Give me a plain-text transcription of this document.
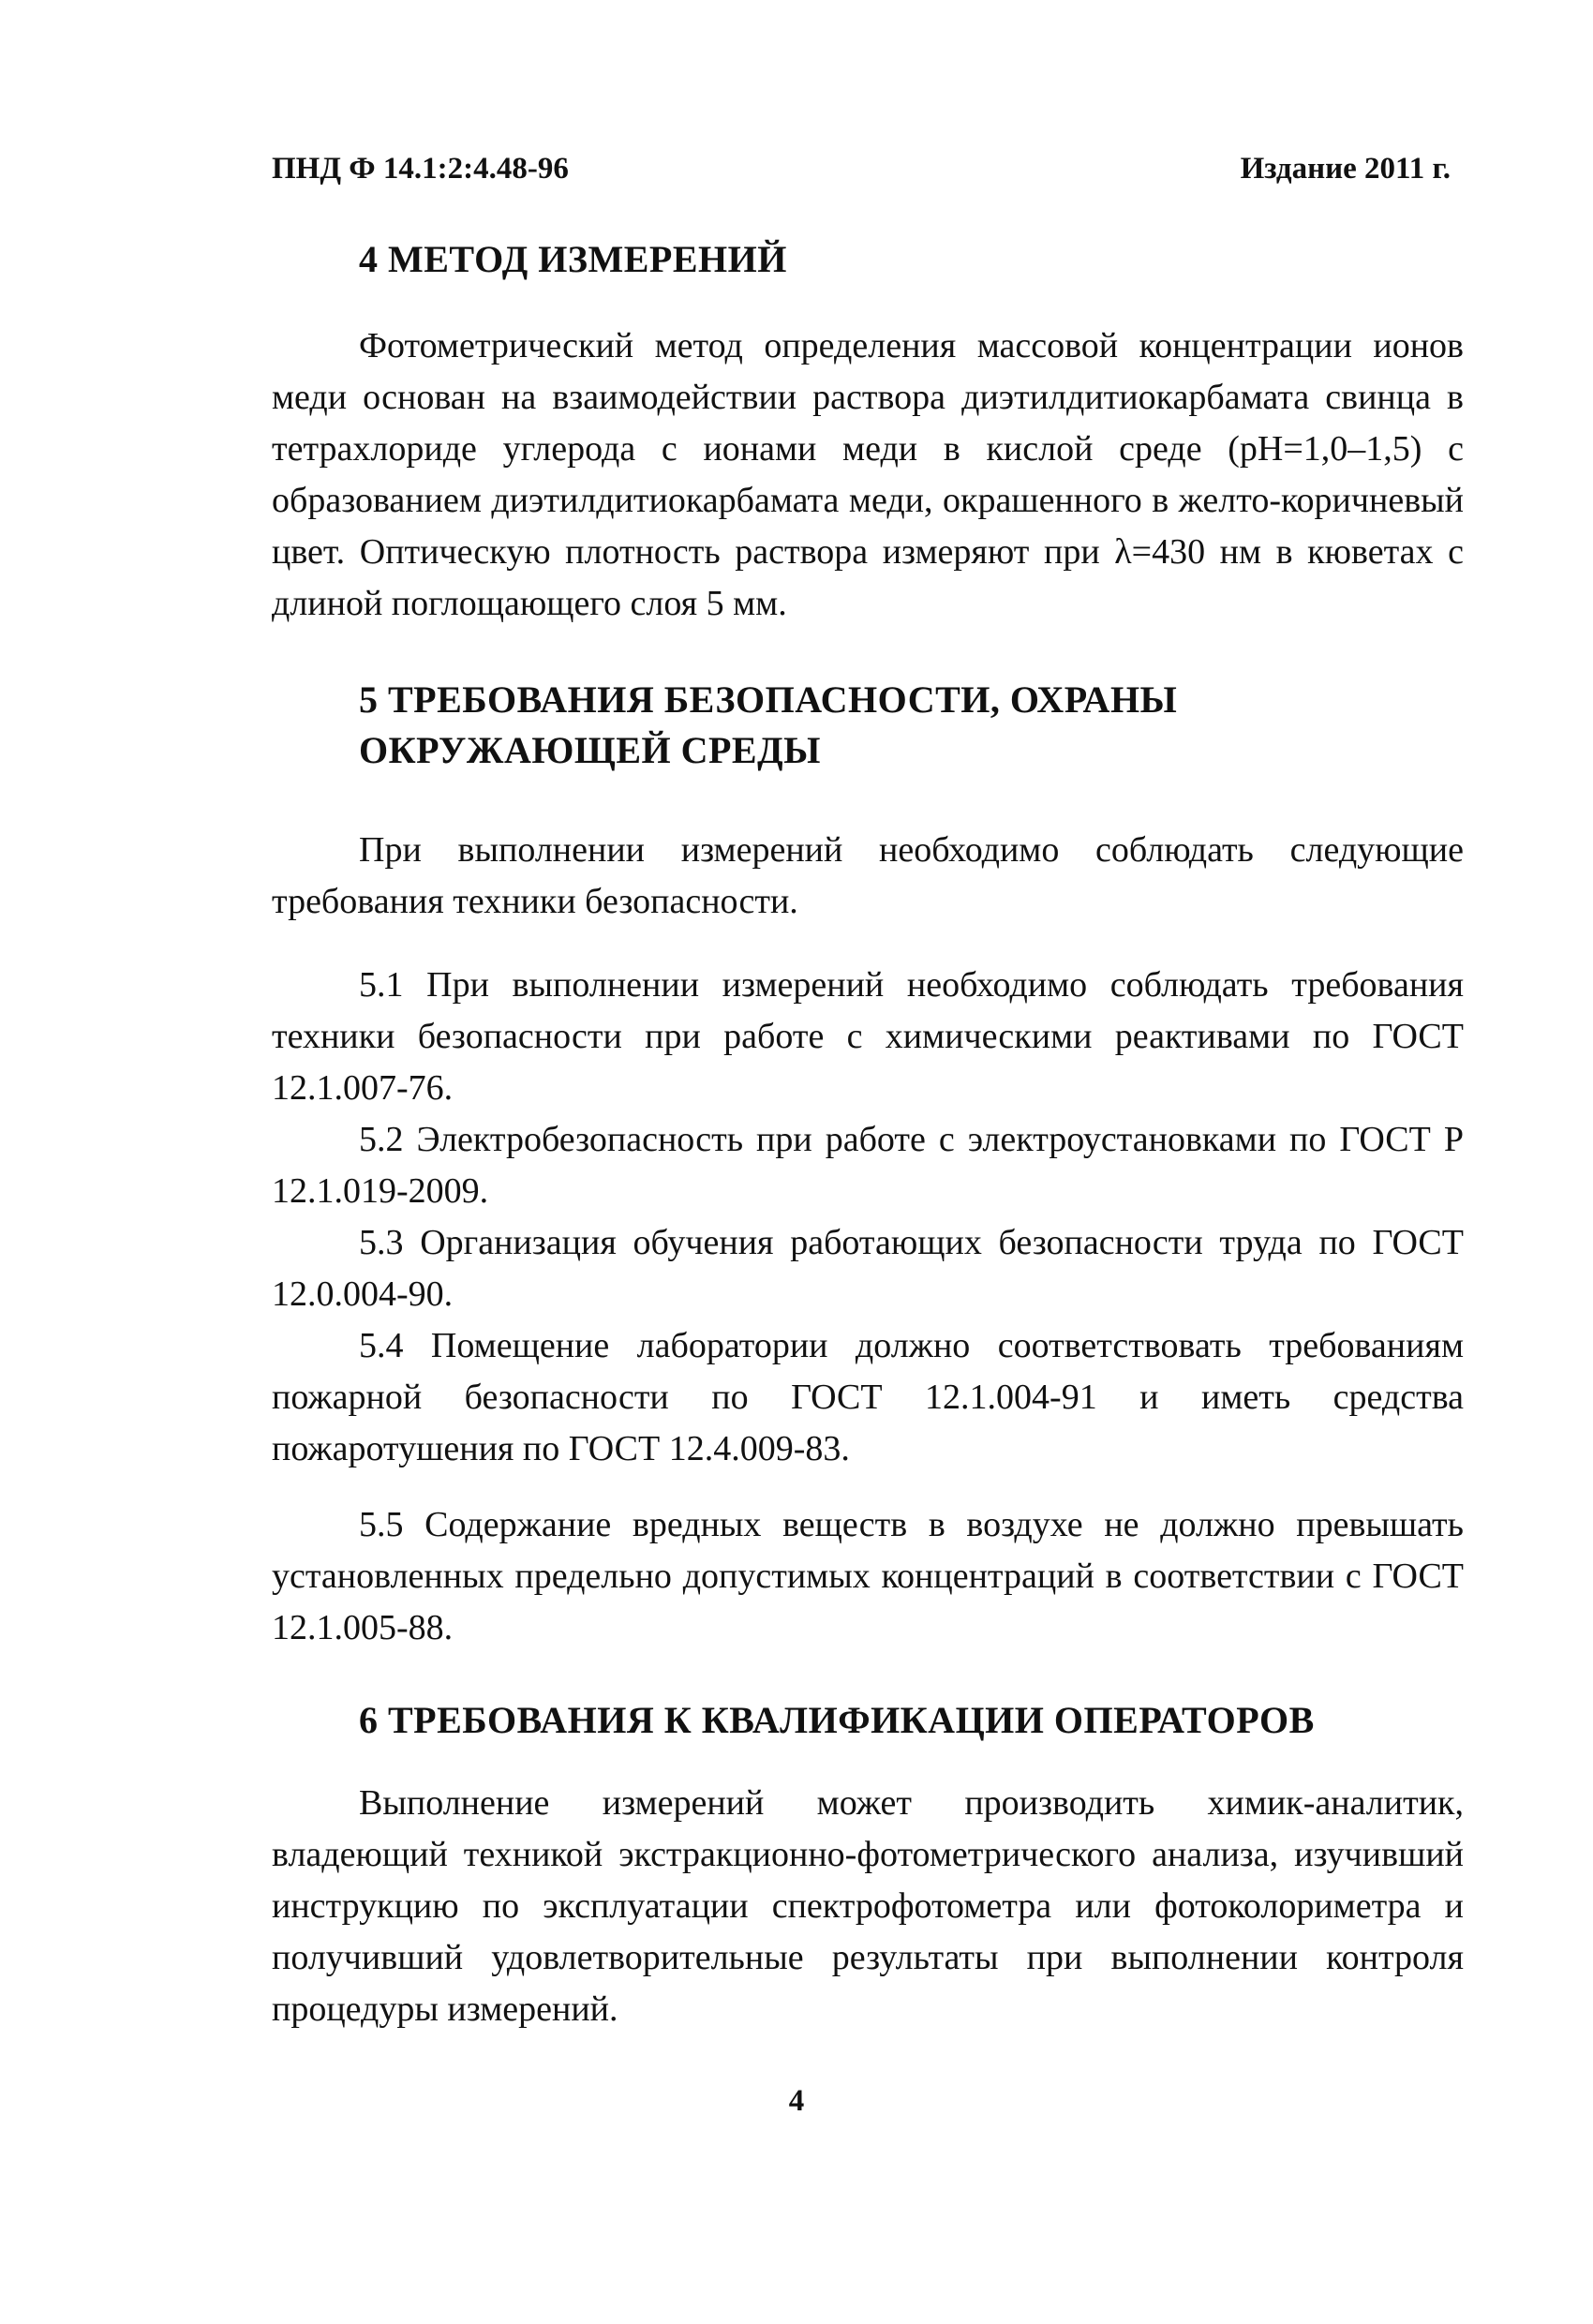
ПНД Ф 14.1:2:4.48-96	Издание 2011 г.
4 МЕТОД ИЗМЕРЕНИЙ

Фотометрический метод определения массовой концентрации ионов меди основан на взаимодействии раствора диэтилдитиокарбамата свинца в тетрахлориде углерода с ионами меди в кислой среде (pH=1,0–1,5) с образованием диэтилдитиокарбамата меди, окрашенного в желто-коричневый цвет. Оптическую плотность раствора измеряют при λ=430 нм в кюветах с длиной поглощающего слоя 5 мм.

5 ТРЕБОВАНИЯ БЕЗОПАСНОСТИ, ОХРАНЫ ОКРУЖАЮЩЕЙ СРЕДЫ

При выполнении измерений необходимо соблюдать следующие требования техники безопасности.

5.1 При выполнении измерений необходимо соблюдать требования техники безопасности при работе с химическими реактивами по ГОСТ 12.1.007-76.

5.2 Электробезопасность при работе с электроустановками по ГОСТ Р 12.1.019-2009.

5.3 Организация обучения работающих безопасности труда по ГОСТ 12.0.004-90.

5.4 Помещение лаборатории должно соответствовать требованиям пожарной безопасности по ГОСТ 12.1.004-91 и иметь средства пожаротушения по ГОСТ 12.4.009-83.

5.5 Содержание вредных веществ в воздухе не должно превышать установленных предельно допустимых концентраций в соответствии с ГОСТ 12.1.005-88.

6 ТРЕБОВАНИЯ К КВАЛИФИКАЦИИ ОПЕРАТОРОВ

Выполнение измерений может производить химик-аналитик, владеющий техникой экстракционно-фотометрического анализа, изучивший инструкцию по эксплуатации спектрофотометра или фотоколориметра и получивший удовлетворительные результаты при выполнении контроля процедуры измерений.

4
